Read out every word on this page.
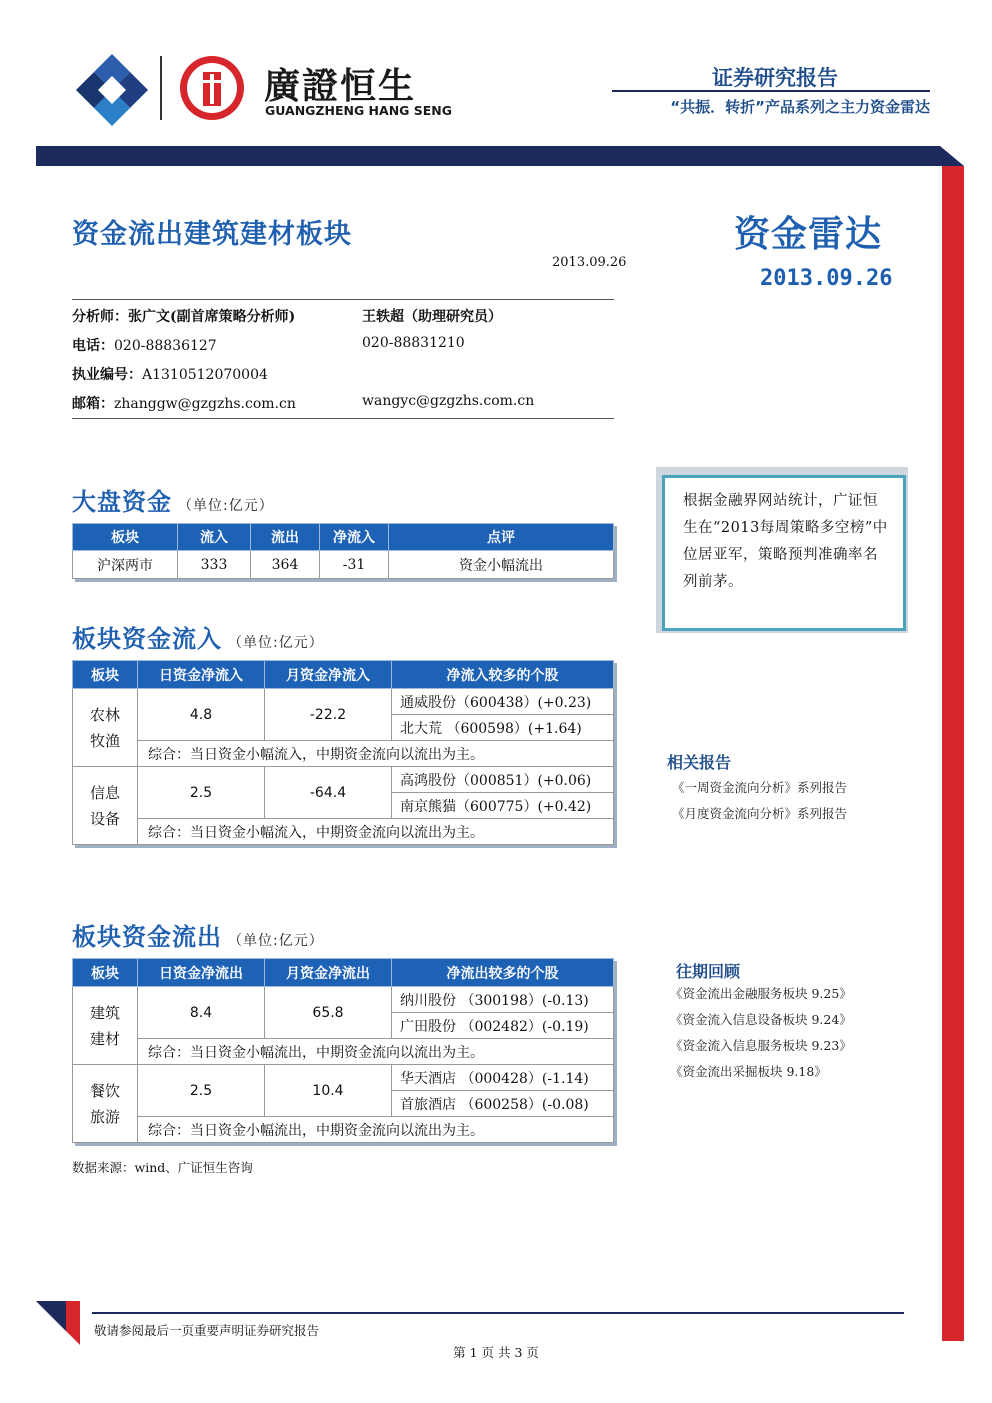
廣證恒生
GUANGZHENG HANG SENG
证券研究报告
“共振．转折”产品系列之主力资金雷达
资金流出建筑建材板块
2013.09.26
资金雷达
2013.09.26
分析师：张广文(副首席策略分析师)	王轶超（助理研究员）
电话：020-88836127	020-88831210
执业编号：A1310512070004
邮箱：zhanggw@gzgzhs.com.cn	wangyc@gzgzhs.com.cn
大盘资金 （单位:亿元）
板块	流入	流出	净流入	点评
沪深两市	333	364	-31	资金小幅流出
板块资金流入 （单位:亿元）
板块	日资金净流入	月资金净流入	净流入较多的个股
农林
牧渔	4.8	-22.2	通威股份（600438）(+0.23)
			北大荒 （600598）(+1.64)
	综合：当日资金小幅流入，中期资金流向以流出为主。		
信息
设备	2.5	-64.4	高鸿股份（000851）(+0.06)
			南京熊猫（600775）(+0.42)
	综合：当日资金小幅流入，中期资金流向以流出为主。		
板块资金流出 （单位:亿元）
板块	日资金净流出	月资金净流出	净流出较多的个股
建筑
建材	8.4	65.8	纳川股份 （300198）(-0.13)
			广田股份 （002482）(-0.19)
	综合：当日资金小幅流出，中期资金流向以流出为主。		
餐饮
旅游	2.5	10.4	华天酒店 （000428）(-1.14)
			首旅酒店 （600258）(-0.08)
	综合：当日资金小幅流出，中期资金流向以流出为主。		
数据来源：wind、广证恒生咨询
根据金融界网站统计，广证恒生在“2013每周策略多空榜”中位居亚军，策略预判准确率名列前茅。
相关报告
《一周资金流向分析》系列报告
《月度资金流向分析》系列报告
往期回顾
《资金流出金融服务板块 9.25》
《资金流入信息设备板块 9.24》
《资金流入信息服务板块 9.23》
《资金流出采掘板块 9.18》
敬请参阅最后一页重要声明证券研究报告
第 1 页 共 3 页
